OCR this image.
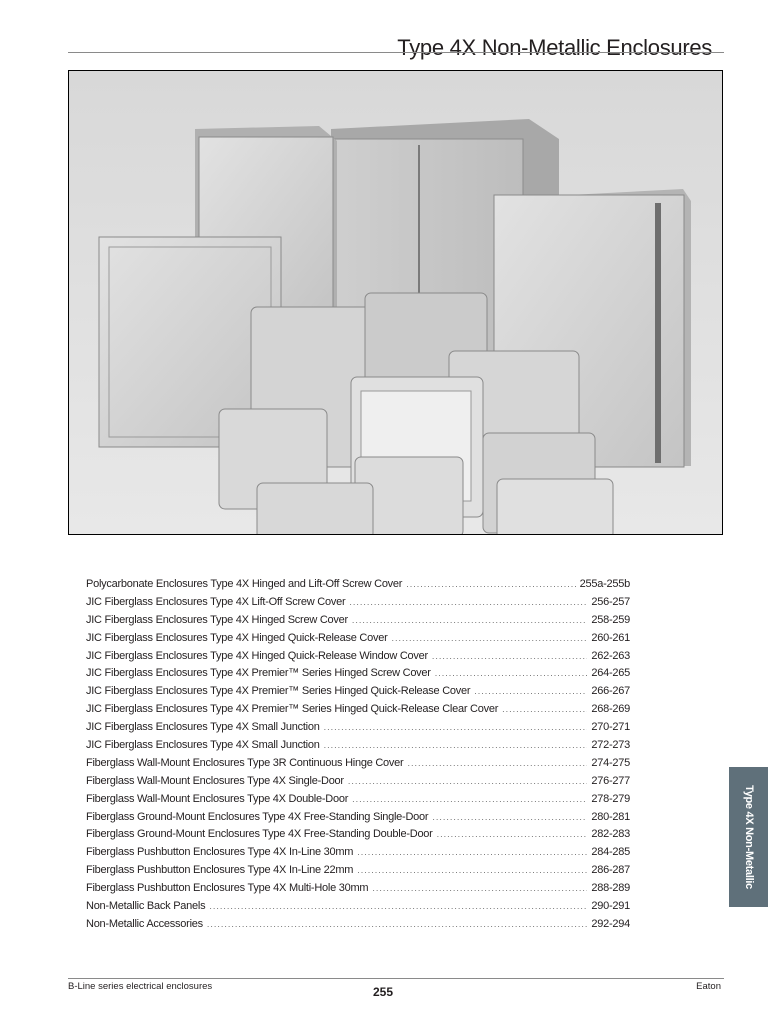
Type 4X Non-Metallic Enclosures
Polycarbonate Enclosures Type 4X Hinged and Lift-Off Screw Cover .....	255a-255b
JIC Fiberglass Enclosures Type 4X Lift-Off Screw Cover .....	256-257
JIC Fiberglass Enclosures Type 4X Hinged Screw Cover .....	258-259
JIC Fiberglass Enclosures Type 4X Hinged Quick-Release Cover .....	260-261
JIC Fiberglass Enclosures Type 4X Hinged Quick-Release Window Cover .....	262-263
JIC Fiberglass Enclosures Type 4X Premier™ Series Hinged Screw Cover .....	264-265
JIC Fiberglass Enclosures Type 4X Premier™ Series Hinged Quick-Release Cover .....	266-267
JIC Fiberglass Enclosures Type 4X Premier™ Series Hinged Quick-Release Clear Cover .....	268-269
JIC Fiberglass Enclosures Type 4X Small Junction .....	270-271
JIC Fiberglass Enclosures Type 4X Small Junction .....	272-273
Fiberglass Wall-Mount Enclosures Type 3R Continuous Hinge Cover .....	274-275
Fiberglass Wall-Mount Enclosures Type 4X Single-Door .....	276-277
Fiberglass Wall-Mount Enclosures Type 4X Double-Door .....	278-279
Fiberglass Ground-Mount Enclosures Type 4X Free-Standing Single-Door .....	280-281
Fiberglass Ground-Mount Enclosures Type 4X Free-Standing Double-Door .....	282-283
Fiberglass Pushbutton Enclosures Type 4X In-Line 30mm .....	284-285
Fiberglass Pushbutton Enclosures Type 4X In-Line 22mm .....	286-287
Fiberglass Pushbutton Enclosures Type 4X Multi-Hole 30mm .....	288-289
Non-Metallic Back Panels .....	290-291
Non-Metallic Accessories .....	292-294
Type 4X Non-Metallic
B-Line series electrical enclosures	255	Eaton
